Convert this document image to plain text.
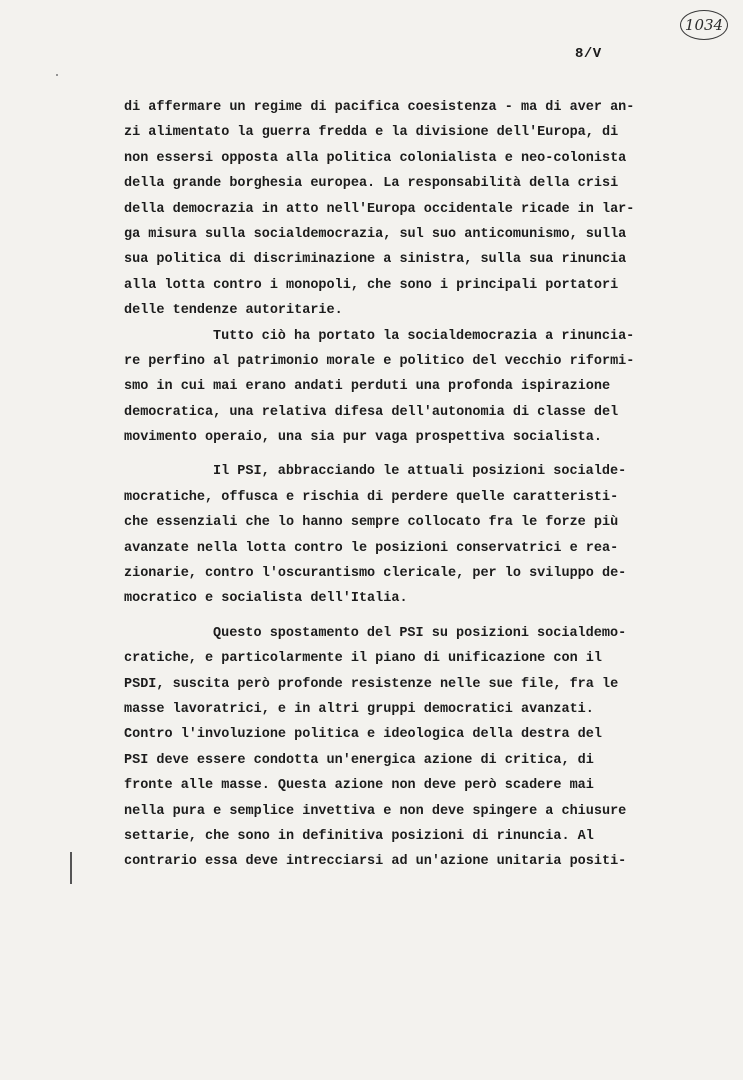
1034
8/V
di affermare un regime di pacifica coesistenza - ma di aver an-
zi alimentato la guerra fredda e la divisione dell'Europa, di
non essersi opposta alla politica colonialista e neo-colonista
della grande borghesia europea. La responsabilità della crisi
della democrazia in atto nell'Europa occidentale ricade in lar-
ga misura sulla socialdemocrazia, sul suo anticomunismo, sulla
sua politica di discriminazione a sinistra, sulla sua rinuncia
alla lotta contro i monopoli, che sono i principali portatori
delle tendenze autoritarie.
Tutto ciò ha portato la socialdemocrazia a rinuncia-
re perfino al patrimonio morale e politico del vecchio riformi-
smo in cui mai erano andati perduti una profonda ispirazione
democratica, una relativa difesa dell'autonomia di classe del
movimento operaio, una sia pur vaga prospettiva socialista.
Il PSI, abbracciando le attuali posizioni socialde-
mocratiche, offusca e rischia di perdere quelle caratteristi-
che essenziali che lo hanno sempre collocato fra le forze più
avanzate nella lotta contro le posizioni conservatrici e rea-
zionarie, contro l'oscurantismo clericale, per lo sviluppo de-
mocratico e socialista dell'Italia.
Questo spostamento del PSI su posizioni socialdemo-
cratiche, e particolarmente il piano di unificazione con il
PSDI, suscita però profonde resistenze nelle sue file, fra le
masse lavoratrici, e in altri gruppi democratici avanzati.
Contro l'involuzione politica e ideologica della destra del
PSI deve essere condotta un'energica azione di critica, di
fronte alle masse. Questa azione non deve però scadere mai
nella pura e semplice invettiva e non deve spingere a chiusure
settarie, che sono in definitiva posizioni di rinuncia. Al
contrario essa deve intrecciarsi ad un'azione unitaria positi-
